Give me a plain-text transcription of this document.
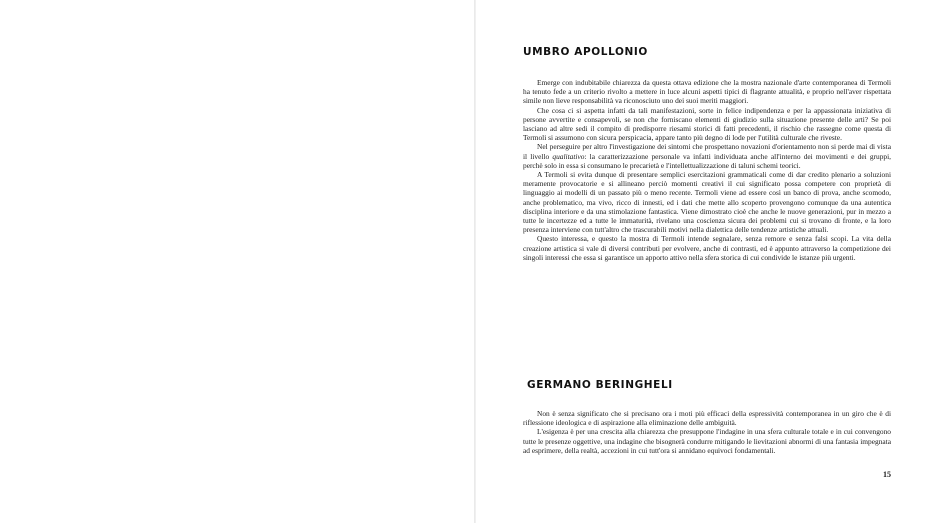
UMBRO APOLLONIO

Emerge con indubitabile chiarezza da questa ottava edizione che la mostra nazionale d'arte contemporanea di Termoli ha tenuto fede a un criterio rivolto a mettere in luce alcuni aspetti tipici di flagrante attualità, e proprio nell'aver rispettata simile non lieve responsabilità va riconosciuto uno dei suoi meriti maggiori.

Che cosa ci si aspetta infatti da tali manifestazioni, sorte in felice indipendenza e per la appassionata iniziativa di persone avvertite e consapevoli, se non che forniscano elementi di giudizio sulla situazione presente delle arti? Se poi lasciano ad altre sedi il compito di predisporre riesami storici di fatti precedenti, il rischio che rassegne come questa di Termoli si assumono con sicura perspicacia, appare tanto più degno di lode per l'utilità culturale che riveste.

Nel perseguire per altro l'investigazione dei sintomi che prospettano novazioni d'orientamento non si perde mai di vista il livello qualitativo: la caratterizzazione personale va infatti individuata anche all'interno dei movimenti e dei gruppi, perchè solo in essa si consumano le precarietà e l'intellettualizzazione di taluni schemi teorici.

A Termoli si evita dunque di presentare semplici esercitazioni grammaticali come di dar credito plenario a soluzioni meramente provocatorie e si allineano perciò momenti creativi il cui significato possa competere con proprietà di linguaggio ai modelli di un passato più o meno recente. Termoli viene ad essere così un banco di prova, anche scomodo, anche problematico, ma vivo, ricco di innesti, ed i dati che mette allo scoperto provengono comunque da una autentica disciplina interiore e da una stimolazione fantastica. Viene dimostrato cioè che anche le nuove generazioni, pur in mezzo a tutte le incertezze ed a tutte le immaturità, rivelano una coscienza sicura dei problemi cui si trovano di fronte, e la loro presenza interviene con tutt'altro che trascurabili motivi nella dialettica delle tendenze artistiche attuali.

Questo interessa, e questo la mostra di Termoli intende segnalare, senza remore e senza falsi scopi. La vita della creazione artistica si vale di diversi contributi per evolvere, anche di contrasti, ed è appunto attraverso la competizione dei singoli interessi che essa si garantisce un apporto attivo nella sfera storica di cui condivide le istanze più urgenti.

GERMANO BERINGHELI

Non è senza significato che si precisano ora i moti più efficaci della espressività contemporanea in un giro che è di riflessione ideologica e di aspirazione alla eliminazione delle ambiguità.

L'esigenza è per una crescita alla chiarezza che presuppone l'indagine in una sfera culturale totale e in cui convengono tutte le presenze oggettive, una indagine che bisognerà condurre mitigando le lievitazioni abnormi di una fantasia impegnata ad esprimere, della realtà, accezioni in cui tutt'ora si annidano equivoci fondamentali.

15
